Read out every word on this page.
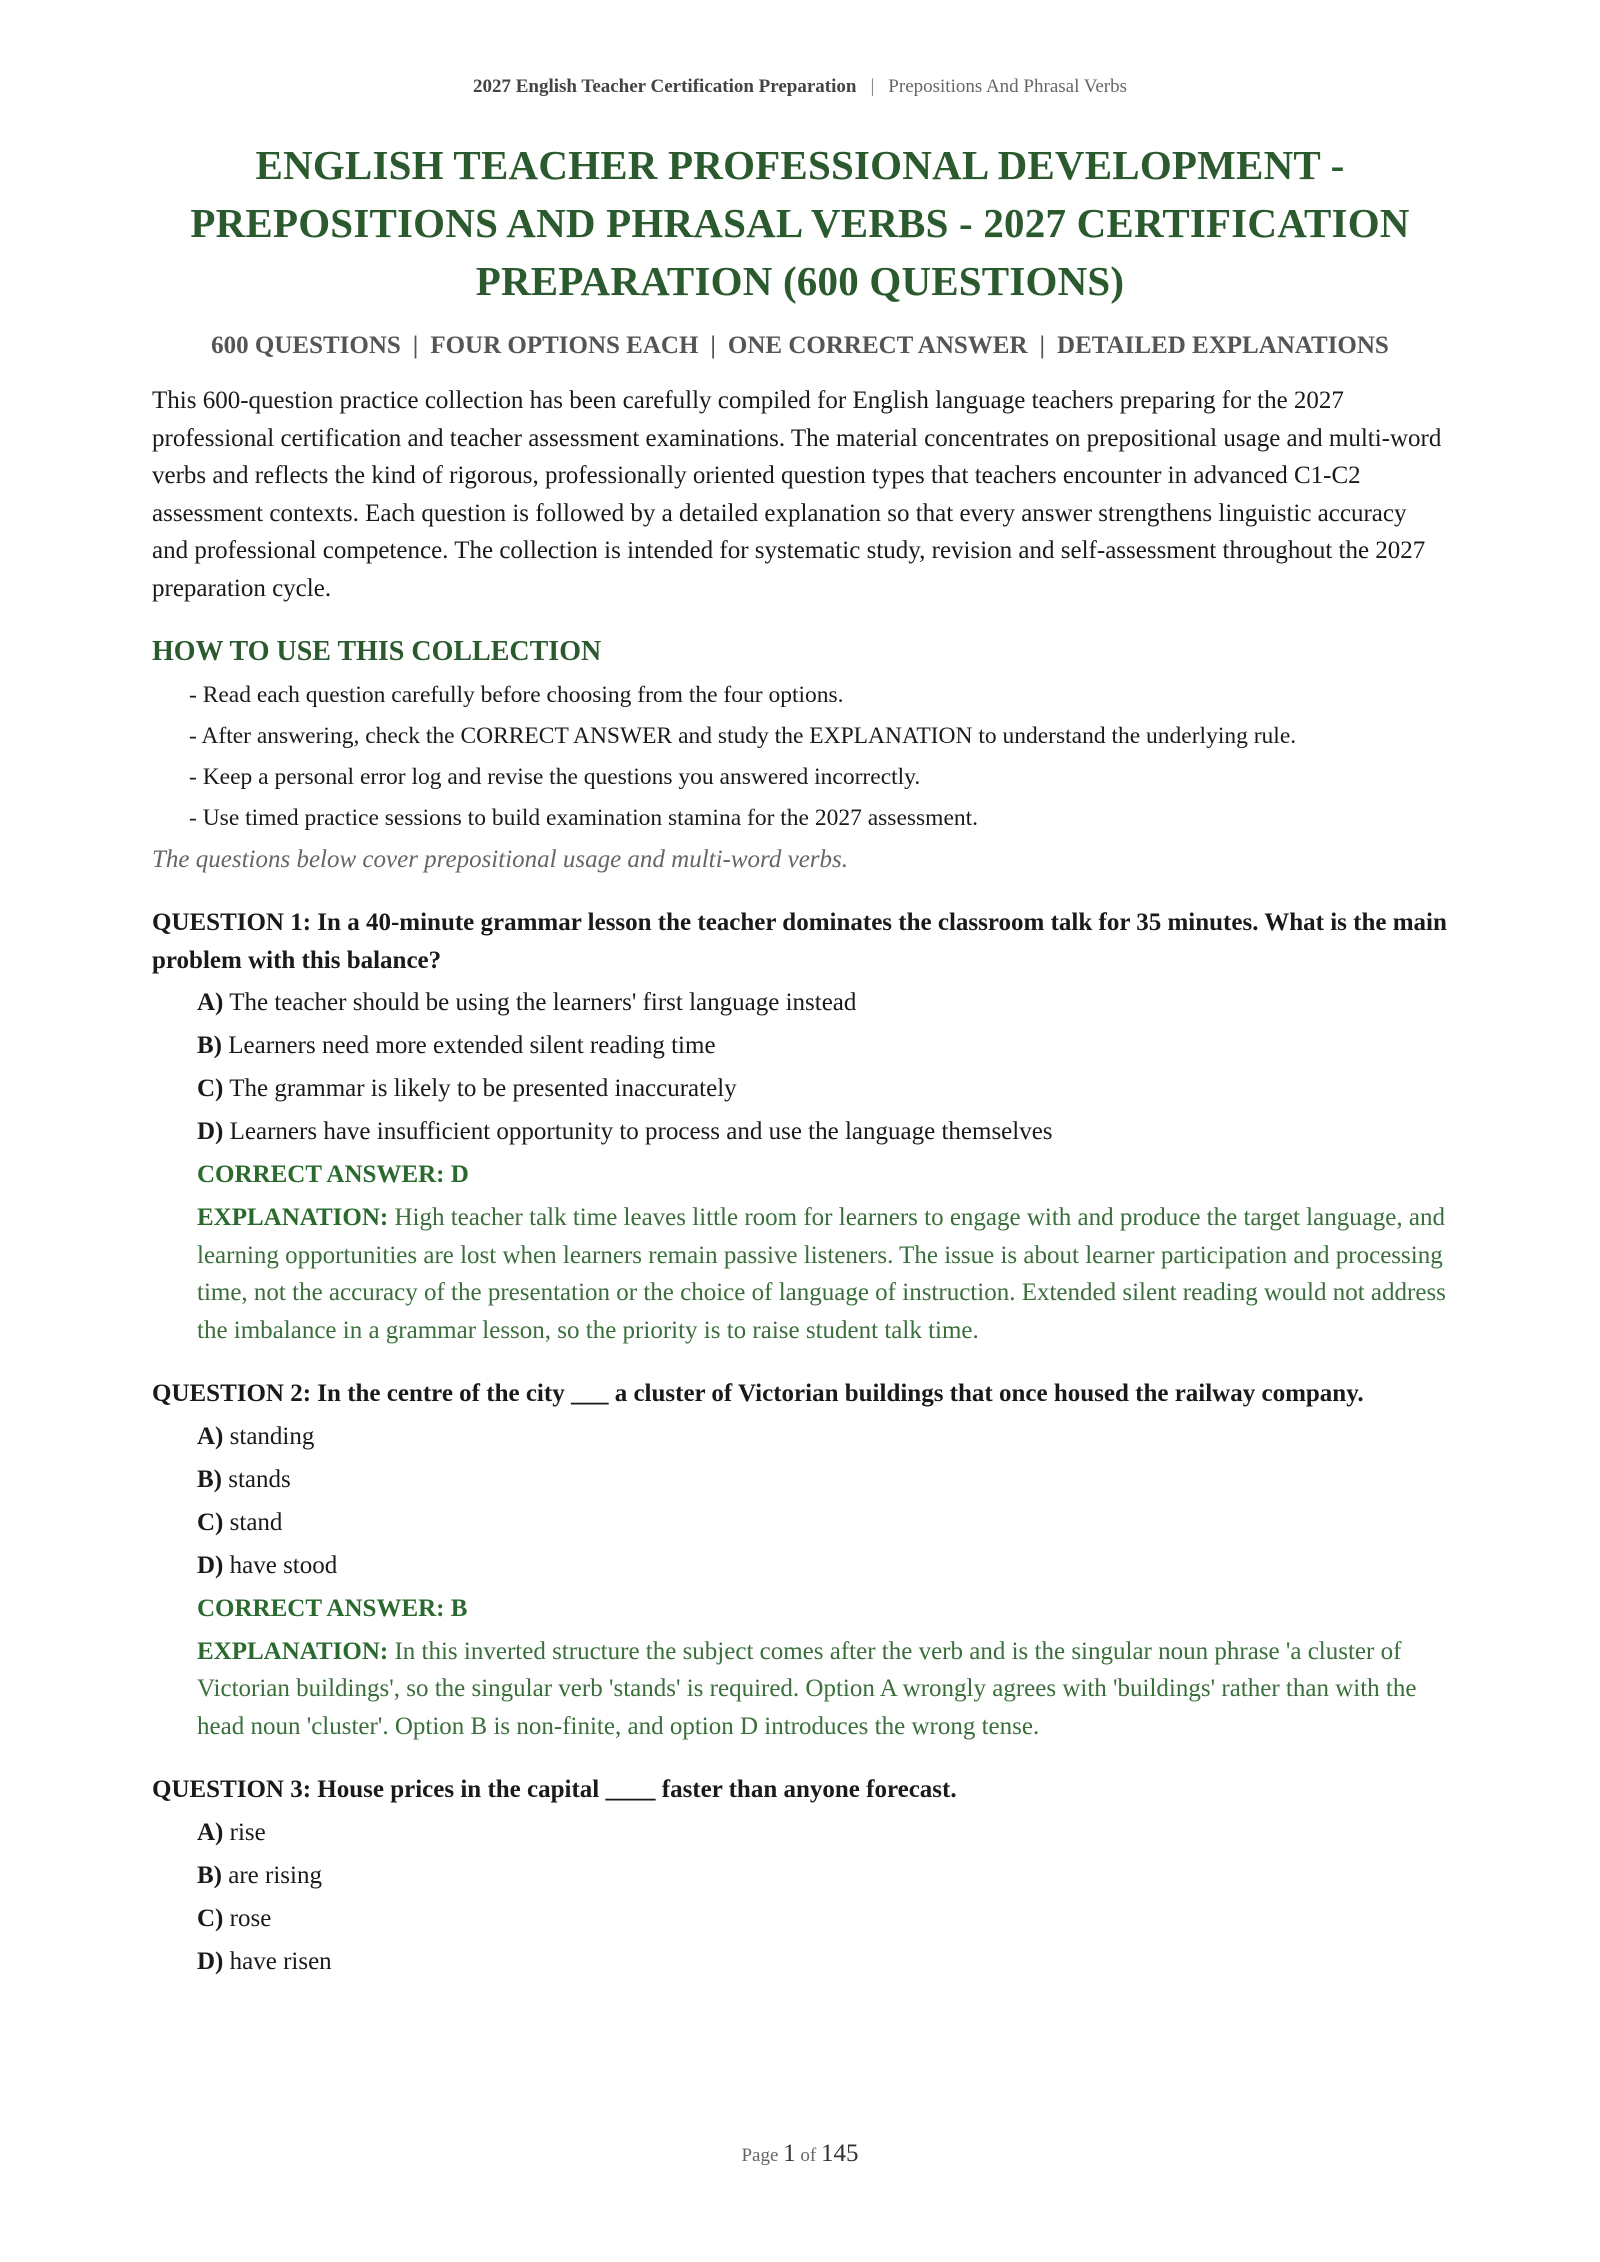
2027 English Teacher Certification Preparation | Prepositions And Phrasal Verbs
ENGLISH TEACHER PROFESSIONAL DEVELOPMENT - PREPOSITIONS AND PHRASAL VERBS - 2027 CERTIFICATION PREPARATION (600 QUESTIONS)
600 QUESTIONS | FOUR OPTIONS EACH | ONE CORRECT ANSWER | DETAILED EXPLANATIONS

This 600-question practice collection has been carefully compiled for English language teachers preparing for the 2027 professional certification and teacher assessment examinations. The material concentrates on prepositional usage and multi-word verbs and reflects the kind of rigorous, professionally oriented question types that teachers encounter in advanced C1-C2 assessment contexts. Each question is followed by a detailed explanation so that every answer strengthens linguistic accuracy and professional competence. The collection is intended for systematic study, revision and self-assessment throughout the 2027 preparation cycle.

HOW TO USE THIS COLLECTION
- Read each question carefully before choosing from the four options.
- After answering, check the CORRECT ANSWER and study the EXPLANATION to understand the underlying rule.
- Keep a personal error log and revise the questions you answered incorrectly.
- Use timed practice sessions to build examination stamina for the 2027 assessment.
The questions below cover prepositional usage and multi-word verbs.
QUESTION 1: In a 40-minute grammar lesson the teacher dominates the classroom talk for 35 minutes. What is the main problem with this balance?
A) The teacher should be using the learners' first language instead
B) Learners need more extended silent reading time
C) The grammar is likely to be presented inaccurately
D) Learners have insufficient opportunity to process and use the language themselves
CORRECT ANSWER: D
EXPLANATION: High teacher talk time leaves little room for learners to engage with and produce the target language, and learning opportunities are lost when learners remain passive listeners. The issue is about learner participation and processing time, not the accuracy of the presentation or the choice of language of instruction. Extended silent reading would not address the imbalance in a grammar lesson, so the priority is to raise student talk time.
QUESTION 2: In the centre of the city ___ a cluster of Victorian buildings that once housed the railway company.
A) standing
B) stands
C) stand
D) have stood
CORRECT ANSWER: B
EXPLANATION: In this inverted structure the subject comes after the verb and is the singular noun phrase 'a cluster of Victorian buildings', so the singular verb 'stands' is required. Option A wrongly agrees with 'buildings' rather than with the head noun 'cluster'. Option B is non-finite, and option D introduces the wrong tense.
QUESTION 3: House prices in the capital ____ faster than anyone forecast.
A) rise
B) are rising
C) rose
D) have risen
Page 1 of 145
